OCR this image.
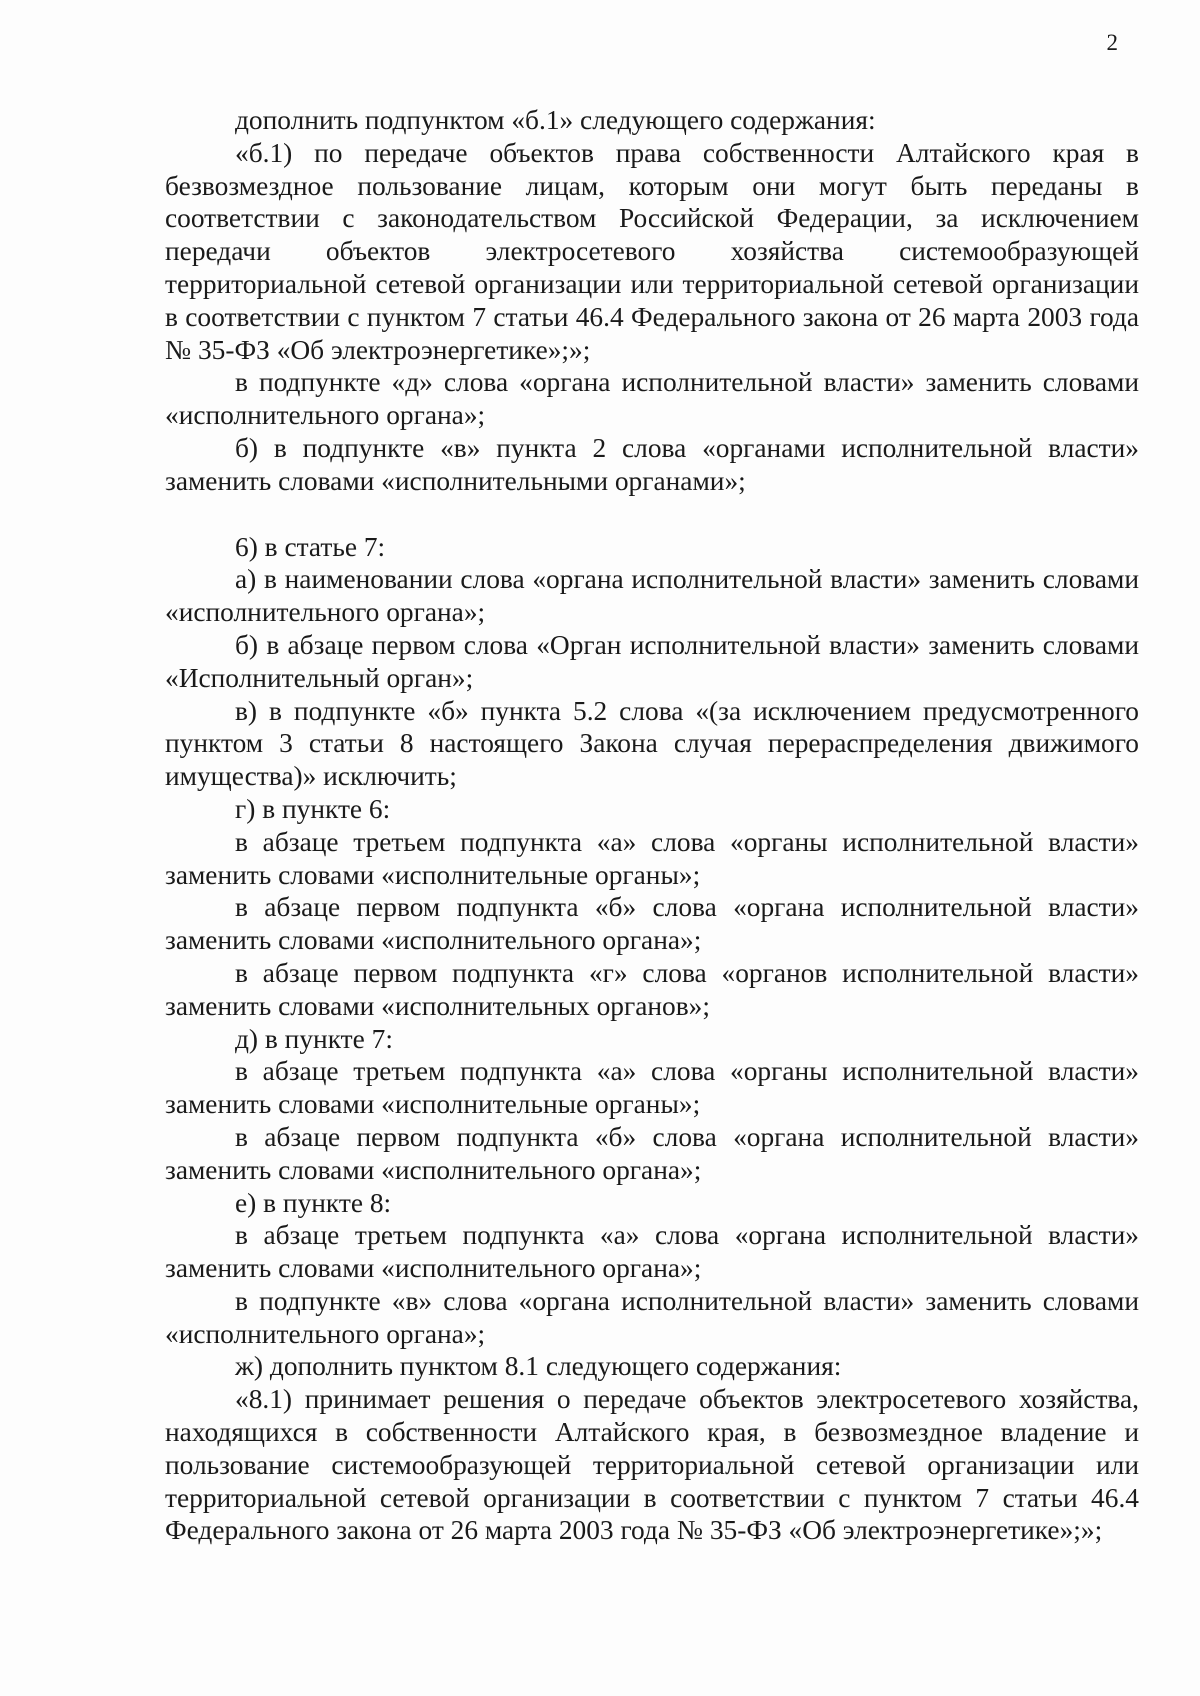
2

дополнить подпунктом «б.1» следующего содержания:

«б.1) по передаче объектов права собственности Алтайского края в безвозмездное пользование лицам, которым они могут быть переданы в соответствии с законодательством Российской Федерации, за исключением передачи объектов электросетевого хозяйства системообразующей территориальной сетевой организации или территориальной сетевой организации в соответствии с пунктом 7 статьи 46.4 Федерального закона от 26 марта 2003 года № 35-ФЗ «Об электроэнергетике»;»;

в подпункте «д» слова «органа исполнительной власти» заменить словами «исполнительного органа»;

б) в подпункте «в» пункта 2 слова «органами исполнительной власти» заменить словами «исполнительными органами»;

6) в статье 7:

а) в наименовании слова «органа исполнительной власти» заменить словами «исполнительного органа»;

б) в абзаце первом слова «Орган исполнительной власти» заменить словами «Исполнительный орган»;

в) в подпункте «б» пункта 5.2 слова «(за исключением предусмотренного пунктом 3 статьи 8 настоящего Закона случая перераспределения движимого имущества)» исключить;

г) в пункте 6:

в абзаце третьем подпункта «а» слова «органы исполнительной власти» заменить словами «исполнительные органы»;

в абзаце первом подпункта «б» слова «органа исполнительной власти» заменить словами «исполнительного органа»;

в абзаце первом подпункта «г» слова «органов исполнительной власти» заменить словами «исполнительных органов»;

д) в пункте 7:

в абзаце третьем подпункта «а» слова «органы исполнительной власти» заменить словами «исполнительные органы»;

в абзаце первом подпункта «б» слова «органа исполнительной власти» заменить словами «исполнительного органа»;

е) в пункте 8:

в абзаце третьем подпункта «а» слова «органа исполнительной власти» заменить словами «исполнительного органа»;

в подпункте «в» слова «органа исполнительной власти» заменить словами «исполнительного органа»;

ж) дополнить пунктом 8.1 следующего содержания:

«8.1) принимает решения о передаче объектов электросетевого хозяйства, находящихся в собственности Алтайского края, в безвозмездное владение и пользование системообразующей территориальной сетевой организации или территориальной сетевой организации в соответствии с пунктом 7 статьи 46.4 Федерального закона от 26 марта 2003 года № 35-ФЗ «Об электроэнергетике»;»;
